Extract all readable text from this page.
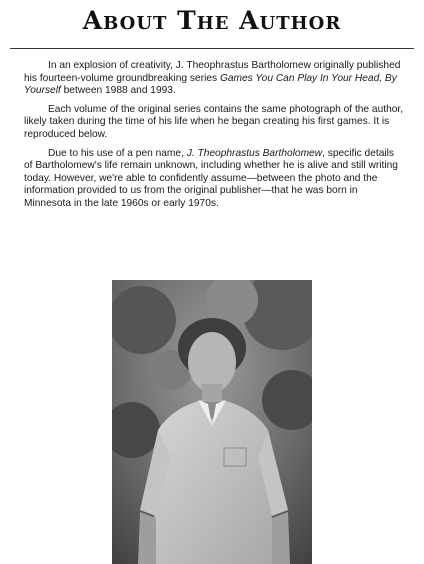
About The Author

In an explosion of creativity, J. Theophrastus Bartholomew originally published his fourteen-volume groundbreaking series Games You Can Play In Your Head, By Yourself between 1988 and 1993.

Each volume of the original series contains the same photograph of the author, likely taken during the time of his life when he began creating his first games. It is reproduced below.

Due to his use of a pen name, J. Theophrastus Bartholomew, specific details of Bartholomew's life remain unknown, including whether he is alive and still writing today. However, we're able to confidently assume—between the photo and the information provided to us from the original publisher—that he was born in Minnesota in the late 1960s or early 1970s.
